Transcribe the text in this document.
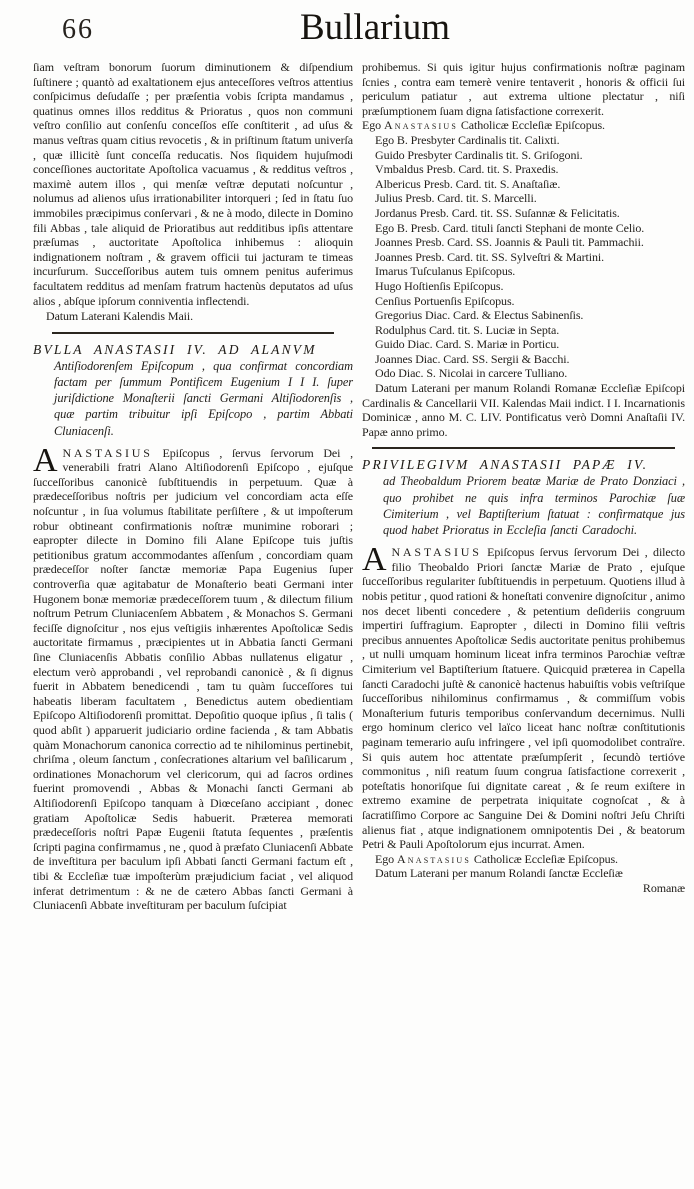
66	Bullarium

ſiam veſtram bonorum ſuorum diminutionem & diſpendium ſuſtinere ; quantò ad exaltationem ejus anteceſſores veſtros attentius conſpicimus deſudaſſe ; per præſentia vobis ſcripta mandamus , quatinus omnes illos redditus & Prioratus , quos non communi veſtro conſilio aut conſenſu conceſſos eſſe conſtiterit , ad uſus & manus veſtras quam citius revocetis , & in priſtinum ſtatum univerſa , quæ illicitè ſunt conceſſa reducatis. Nos ſiquidem hujuſmodi conceſſiones auctoritate Apoſtolica vacuamus , & redditus veſtros , maximè autem illos , qui menſæ veſtræ deputati noſcuntur , nolumus ad alienos uſus irrationabiliter intorqueri ; ſed in ſtatu ſuo immobiles præcipimus conſervari , & ne à modo, dilecte in Domino fili Abbas , tale aliquid de Prioratibus aut redditibus ipſis attentare præſumas , auctoritate Apoſtolica inhibemus : alioquin indignationem noſtram , & gravem officii tui jacturam te timeas incurſurum. Succeſſoribus autem tuis omnem penitus auferimus facultatem redditus ad menſam fratrum hactenùs deputatos ad uſus alios , abſque ipſorum conniventia inflectendi.

Datum Laterani Kalendis Maii.

BVLLA ANASTASII IV. AD ALANVM
Antiſiodorenſem Epiſcopum , qua confirmat concordiam factam per ſummum Pontificem Eugenium I I I. ſuper juriſdictione Monaſterii ſancti Germani Altiſiodorenſis , quæ partim tribuitur ipſi Epiſcopo , partim Abbati Cluniacenſi.

ANASTASIUS Epiſcopus , ſervus ſervorum Dei , venerabili fratri Alano Altiſiodorenſi Epiſcopo , ejuſque ſucceſſoribus canonicè ſubſtituendis in perpetuum. Quæ à prædeceſſoribus noſtris per judicium vel concordiam acta eſſe noſcuntur , in ſua volumus ſtabilitate perſiſtere , & ut impoſterum robur obtineant confirmationis noſtræ munimine roborari ; eapropter dilecte in Domino fili Alane Epiſcope tuis juſtis petitionibus gratum accommodantes aſſenſum , concordiam quam prædeceſſor noſter ſanctæ memoriæ Papa Eugenius ſuper controverſia quæ agitabatur de Monaſterio beati Germani inter Hugonem bonæ memoriæ prædeceſſorem tuum , & dilectum filium noſtrum Petrum Cluniacenſem Abbatem , & Monachos S. Germani feciſſe dignoſcitur , nos ejus veſtigiis inhærentes Apoſtolicæ Sedis auctoritate firmamus , præcipientes ut in Abbatia ſancti Germani ſine Cluniacenſis Abbatis conſilio Abbas nullatenus eligatur , electum verò approbandi , vel reprobandi canonicè , & ſi dignus fuerit in Abbatem benedicendi , tam tu quàm ſucceſſores tui habeatis liberam facultatem , Benedictus autem obedientiam Epiſcopo Altiſiodorenſi promittat. Depoſitio quoque ipſius , ſi talis ( quod abſit ) apparuerit judiciario ordine facienda , & tam Abbatis quàm Monachorum canonica correctio ad te nihilominus pertinebit, chriſma , oleum ſanctum , conſecrationes altarium vel baſilicarum , ordinationes Monachorum vel clericorum, qui ad ſacros ordines fuerint promovendi , Abbas & Monachi ſancti Germani ab Altiſiodorenſi Epiſcopo tanquam à Diœceſano accipiant , donec gratiam Apoſtolicæ Sedis habuerit. Præterea memorati prædeceſſoris noſtri Papæ Eugenii ſtatuta ſequentes , præſentis ſcripti pagina confirmamus , ne , quod à præfato Cluniacenſi Abbate de inveſtitura per baculum ipſi Abbati ſancti Germani factum eſt , tibi & Eccleſiæ tuæ impoſterùm præjudicium faciat , vel aliquod inferat detrimentum : & ne de cætero Abbas ſancti Germani à Cluniacenſi Abbate inveſtituram per baculum ſuſcipiat

prohibemus. Si quis igitur hujus confirmationis noſtræ paginam ſcnies , contra eam temerè venire tentaverit , honoris & officii ſui periculum patiatur , aut extrema ultione plectatur , niſi præſumptionem ſuam digna ſatisfactione correxerit.

Ego Anastasius Catholicæ Eccleſiæ Epiſcopus.

Ego B. Presbyter Cardinalis tit. Calixti.
Guido Presbyter Cardinalis tit. S. Griſogoni.
Vmbaldus Presb. Card. tit. S. Praxedis.
Albericus Presb. Card. tit. S. Anaſtaſiæ.
Julius Presb. Card. tit. S. Marcelli.
Jordanus Presb. Card. tit. SS. Suſannæ & Felicitatis.
Ego B. Presb. Card. tituli ſancti Stephani de monte Celio.
Joannes Presb. Card. SS. Joannis & Pauli tit. Pammachii.
Joannes Presb. Card. tit. SS. Sylveſtri & Martini.
Imarus Tuſculanus Epiſcopus.
Hugo Hoſtienſis Epiſcopus.
Cenſius Portuenſis Epiſcopus.
Gregorius Diac. Card. & Electus Sabinenſis.
Rodulphus Card. tit. S. Luciæ in Septa.
Guido Diac. Card. S. Mariæ in Porticu.
Joannes Diac. Card. SS. Sergii & Bacchi.
Odo Diac. S. Nicolai in carcere Tulliano.

Datum Laterani per manum Rolandi Romanæ Eccleſiæ Epiſcopi Cardinalis & Cancellarii VII. Kalendas Maii indict. I I. Incarnationis Dominicæ , anno M. C. LIV. Pontificatus verò Domni Anaſtaſii IV. Papæ anno primo.

PRIVILEGIVM ANASTASII PAPÆ IV.
ad Theobaldum Priorem beatæ Mariæ de Prato Donziaci , quo prohibet ne quis infra terminos Parochiæ ſuæ Cimiterium , vel Baptiſterium ſtatuat : confirmatque jus quod habet Prioratus in Eccleſia ſancti Caradochi.

ANASTASIUS Epiſcopus ſervus ſervorum Dei , dilecto filio Theobaldo Priori ſanctæ Mariæ de Prato , ejuſque ſucceſſoribus regulariter ſubſtituendis in perpetuum. Quotiens illud à nobis petitur , quod rationi & honeſtati convenire dignoſcitur , animo nos decet libenti concedere , & petentium deſideriis congruum impertiri ſuffragium. Eapropter , dilecti in Domino filii veſtris precibus annuentes Apoſtolicæ Sedis auctoritate penitus prohibemus , ut nulli umquam hominum liceat infra terminos Parochiæ veſtræ Cimiterium vel Baptiſterium ſtatuere. Quicquid præterea in Capella ſancti Caradochi juſtè & canonicè hactenus habuiſtis vobis veſtriſque ſucceſſoribus nihilominus confirmamus , & commiſſum vobis Monaſterium futuris temporibus conſervandum decernimus. Nulli ergo hominum clerico vel laïco liceat hanc noſtræ conſtitutionis paginam temerario auſu infringere , vel ipſi quomodolibet contraïre. Si quis autem hoc attentate præſumpſerit , ſecundò tertióve commonitus , niſi reatum ſuum congrua ſatisfactione correxerit , poteſtatis honoriſque ſui dignitate careat , & ſe reum exiſtere in extremo examine de perpetrata iniquitate cognoſcat , & à ſacratiſſimo Corpore ac Sanguine Dei & Domini noſtri Jeſu Chriſti alienus fiat , atque indignationem omnipotentis Dei , & beatorum Petri & Pauli Apoſtolorum ejus incurrat. Amen.

Ego Anastasius Catholicæ Eccleſiæ Epiſcopus.

Datum Laterani per manum Rolandi ſanctæ Eccleſiæ

Romanæ
